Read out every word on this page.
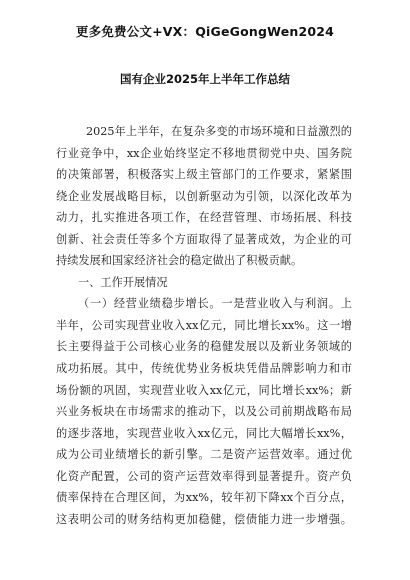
更多免费公文+VX：QiGeGongWen2024
国有企业2025年上半年工作总结
2025年上半年，在复杂多变的市场环境和日益激烈的
行业竞争中，xx企业始终坚定不移地贯彻党中央、国务院
的决策部署，积极落实上级主管部门的工作要求，紧紧围
绕企业发展战略目标，以创新驱动为引领，以深化改革为
动力，扎实推进各项工作，在经营管理、市场拓展、科技
创新、社会责任等多个方面取得了显著成效，为企业的可
持续发展和国家经济社会的稳定做出了积极贡献。
一、工作开展情况
（一）经营业绩稳步增长。一是营业收入与利润。上
半年，公司实现营业收入xx亿元，同比增长xx%。这一增
长主要得益于公司核心业务的稳健发展以及新业务领域的
成功拓展。其中，传统优势业务板块凭借品牌影响力和市
场份额的巩固，实现营业收入xx亿元，同比增长xx%；新
兴业务板块在市场需求的推动下，以及公司前期战略布局
的逐步落地，实现营业收入xx亿元，同比大幅增长xx%，
成为公司业绩增长的新引擎。二是资产运营效率。通过优
化资产配置，公司的资产运营效率得到显著提升。资产负
债率保持在合理区间，为xx%，较年初下降xx个百分点，
这表明公司的财务结构更加稳健，偿债能力进一步增强。
